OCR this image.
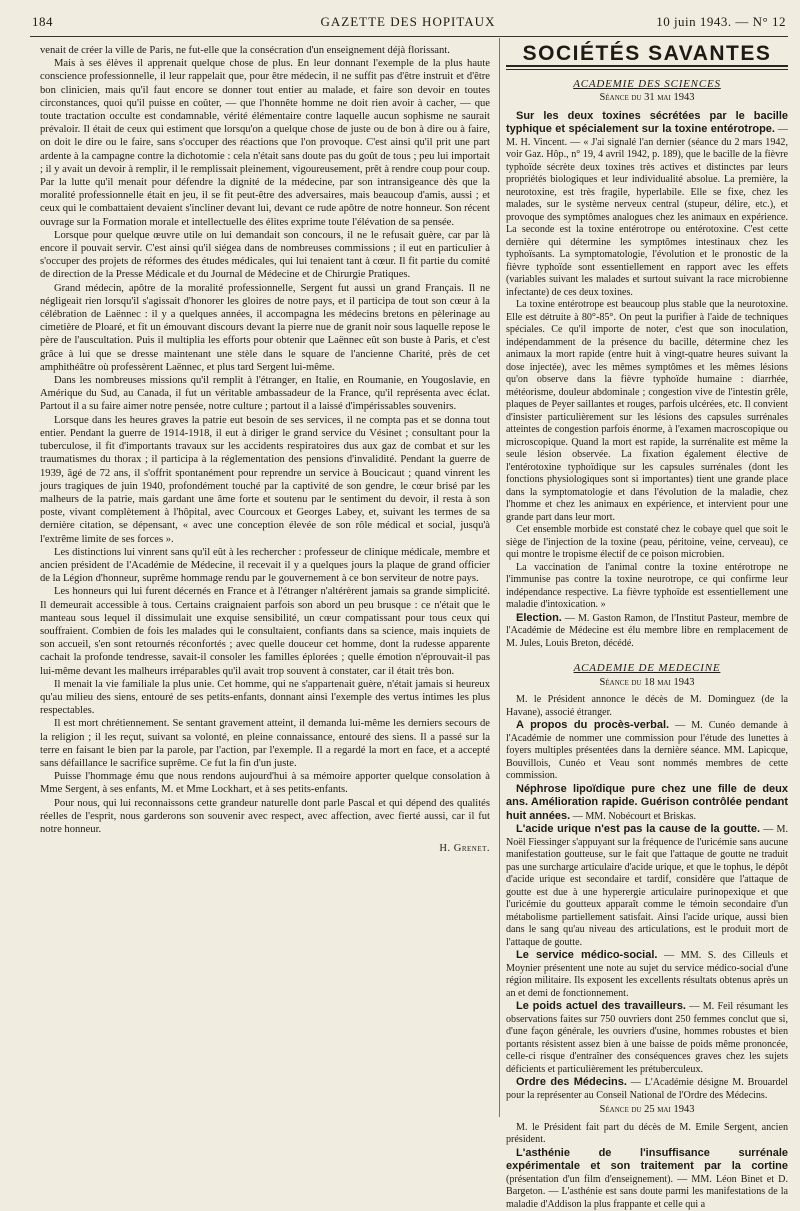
184	GAZETTE DES HOPITAUX	10 juin 1943. — N° 12

venait de créer la ville de Paris, ne fut-elle que la consécration d'un enseignement déjà florissant.

Mais à ses élèves il apprenait quelque chose de plus. En leur donnant l'exemple de la plus haute conscience professionnelle, il leur rappelait que, pour être médecin, il ne suffit pas d'être instruit et d'être bon clinicien, mais qu'il faut encore se donner tout entier au malade, et faire son devoir en toutes circonstances, quoi qu'il puisse en coûter, — que l'honnête homme ne doit rien avoir à cacher, — que toute tractation occulte est condamnable, vérité élémentaire contre laquelle aucun sophisme ne saurait prévaloir. Il était de ceux qui estiment que lorsqu'on a quelque chose de juste ou de bon à dire ou à faire, on doit le dire ou le faire, sans s'occuper des réactions que l'on provoque. C'est ainsi qu'il prit une part ardente à la campagne contre la dichotomie : cela n'était sans doute pas du goût de tous ; peu lui importait ; il y avait un devoir à remplir, il le remplissait pleinement, vigoureusement, prêt à rendre coup pour coup. Par la lutte qu'il menait pour défendre la dignité de la médecine, par son intransigeance dès que la moralité professionnelle était en jeu, il se fit peut-être des adversaires, mais beaucoup d'amis, aussi ; et ceux qui le combattaient devaient s'incliner devant lui, devant ce rude apôtre de notre honneur. Son récent ouvrage sur la Formation morale et intellectuelle des élites exprime toute l'élévation de sa pensée.

Lorsque pour quelque œuvre utile on lui demandait son concours, il ne le refusait guère, car par là encore il pouvait servir. C'est ainsi qu'il siégea dans de nombreuses commissions ; il eut en particulier à s'occuper des projets de réformes des études médicales, qui lui tenaient tant à cœur. Il fit partie du comité de direction de la Presse Médicale et du Journal de Médecine et de Chirurgie Pratiques.

Grand médecin, apôtre de la moralité professionnelle, Sergent fut aussi un grand Français. Il ne négligeait rien lorsqu'il s'agissait d'honorer les gloires de notre pays, et il participa de tout son cœur à la célébration de Laënnec : il y a quelques années, il accompagna les médecins bretons en pèlerinage au cimetière de Ploaré, et fit un émouvant discours devant la pierre nue de granit noir sous laquelle repose le père de l'auscultation. Puis il multiplia les efforts pour obtenir que Laënnec eût son buste à Paris, et c'est grâce à lui que se dresse maintenant une stèle dans le square de l'ancienne Charité, près de cet amphithéâtre où professèrent Laënnec, et plus tard Sergent lui-même.

Dans les nombreuses missions qu'il remplit à l'étranger, en Italie, en Roumanie, en Yougoslavie, en Amérique du Sud, au Canada, il fut un véritable ambassadeur de la France, qu'il représenta avec éclat. Partout il a su faire aimer notre pensée, notre culture ; partout il a laissé d'impérissables souvenirs.

Lorsque dans les heures graves la patrie eut besoin de ses services, il ne compta pas et se donna tout entier. Pendant la guerre de 1914-1918, il eut à diriger le grand service du Vésinet ; consultant pour la tuberculose, il fit d'importants travaux sur les accidents respiratoires dus aux gaz de combat et sur les traumatismes du thorax ; il participa à la réglementation des pensions d'invalidité. Pendant la guerre de 1939, âgé de 72 ans, il s'offrit spontanément pour reprendre un service à Boucicaut ; quand vinrent les jours tragiques de juin 1940, profondément touché par la captivité de son gendre, le cœur brisé par les malheurs de la patrie, mais gardant une âme forte et soutenu par le sentiment du devoir, il resta à son poste, vivant complètement à l'hôpital, avec Courcoux et Georges Labey, et, suivant les termes de sa dernière citation, se dépensant, « avec une conception élevée de son rôle médical et social, jusqu'à l'extrême limite de ses forces ».

Les distinctions lui vinrent sans qu'il eût à les rechercher : professeur de clinique médicale, membre et ancien président de l'Académie de Médecine, il recevait il y a quelques jours la plaque de grand officier de la Légion d'honneur, suprême hommage rendu par le gouvernement à ce bon serviteur de notre pays.

Les honneurs qui lui furent décernés en France et à l'étranger n'altérèrent jamais sa grande simplicité. Il demeurait accessible à tous. Certains craignaient parfois son abord un peu brusque : ce n'était que le manteau sous lequel il dissimulait une exquise sensibilité, un cœur compatissant pour tous ceux qui souffraient. Combien de fois les malades qui le consultaient, confiants dans sa science, mais inquiets de son accueil, s'en sont retournés réconfortés ; avec quelle douceur cet homme, dont la rudesse apparente cachait la profonde tendresse, savait-il consoler les familles éplorées ; quelle émotion n'éprouvait-il pas lui-même devant les malheurs irréparables qu'il avait trop souvent à constater, car il était très bon.

Il menait la vie familiale la plus unie. Cet homme, qui ne s'appartenait guère, n'était jamais si heureux qu'au milieu des siens, entouré de ses petits-enfants, donnant ainsi l'exemple des vertus intimes les plus respectables.

Il est mort chrétiennement. Se sentant gravement atteint, il demanda lui-même les derniers secours de la religion ; il les reçut, suivant sa volonté, en pleine connaissance, entouré des siens. Il a passé sur la terre en faisant le bien par la parole, par l'action, par l'exemple. Il a regardé la mort en face, et a accepté sans défaillance le sacrifice suprême. Ce fut la fin d'un juste.

Puisse l'hommage ému que nous rendons aujourd'hui à sa mémoire apporter quelque consolation à Mme Sergent, à ses enfants, M. et Mme Lockhart, et à ses petits-enfants.

Pour nous, qui lui reconnaissons cette grandeur naturelle dont parle Pascal et qui dépend des qualités réelles de l'esprit, nous garderons son souvenir avec respect, avec affection, avec fierté aussi, car il fut notre honneur.

H. Grenet.
SOCIÉTÉS SAVANTES
ACADEMIE DES SCIENCES
Séance du 31 mai 1943

Sur les deux toxines sécrétées par le bacille typhique et spécialement sur la toxine entérotrope. — M. H. Vincent. — « J'ai signalé l'an dernier (séance du 2 mars 1942, voir Gaz. Hôp., n° 19, 4 avril 1942, p. 189), que le bacille de la fièvre typhoïde sécrète deux toxines très actives et distinctes par leurs propriétés biologiques et leur individualité absolue. La première, la neurotoxine, est très fragile, hyperlabile. Elle se fixe, chez les malades, sur le système nerveux central (stupeur, délire, etc.), et provoque des symptômes analogues chez les animaux en expérience. La seconde est la toxine entérotrope ou entérotoxine. C'est cette dernière qui détermine les symptômes intestinaux chez les typhoïsants. La symptomatologie, l'évolution et le pronostic de la fièvre typhoïde sont essentiellement en rapport avec les effets (variables suivant les malades et surtout suivant la race microbienne infectante) de ces deux toxines.

La toxine entérotrope est beaucoup plus stable que la neurotoxine. Elle est détruite à 80°-85°. On peut la purifier à l'aide de techniques spéciales. Ce qu'il importe de noter, c'est que son inoculation, indépendamment de la présence du bacille, détermine chez les animaux la mort rapide (entre huit à vingt-quatre heures suivant la dose injectée), avec les mêmes symptômes et les mêmes lésions qu'on observe dans la fièvre typhoïde humaine : diarrhée, météorisme, douleur abdominale ; congestion vive de l'intestin grêle, plaques de Peyer saillantes et rouges, parfois ulcérées, etc. Il convient d'insister particulièrement sur les lésions des capsules surrénales atteintes de congestion parfois énorme, à l'examen macroscopique ou microscopique. Quand la mort est rapide, la surrénalite est même la seule lésion observée. La fixation également élective de l'entérotoxine typhoïdique sur les capsules surrénales (dont les fonctions physiologiques sont si importantes) tient une grande place dans la symptomatologie et dans l'évolution de la maladie, chez l'homme et chez les animaux en expérience, et intervient pour une grande part dans leur mort.

Cet ensemble morbide est constaté chez le cobaye quel que soit le siège de l'injection de la toxine (peau, péritoine, veine, cerveau), ce qui montre le tropisme électif de ce poison microbien.

La vaccination de l'animal contre la toxine entérotrope ne l'immunise pas contre la toxine neurotrope, ce qui confirme leur indépendance respective. La fièvre typhoïde est essentiellement une maladie d'intoxication. »

Election. — M. Gaston Ramon, de l'Institut Pasteur, membre de l'Académie de Médecine est élu membre libre en remplacement de M. Jules, Louis Breton, décédé.

ACADEMIE DE MEDECINE
Séance du 18 mai 1943

M. le Président annonce le décès de M. Dominguez (de la Havane), associé étranger.

A propos du procès-verbal. — M. Cunéo demande à l'Académie de nommer une commission pour l'étude des lunettes à foyers multiples présentées dans la dernière séance. MM. Lapicque, Bouvillois, Cunéo et Veau sont nommés membres de cette commission.

Néphrose lipoïdique pure chez une fille de deux ans. Amélioration rapide. Guérison contrôlée pendant huit années. — MM. Nobécourt et Briskas.

L'acide urique n'est pas la cause de la goutte. — M. Noël Fiessinger s'appuyant sur la fréquence de l'uricémie sans aucune manifestation goutteuse, sur le fait que l'attaque de goutte ne traduit pas une surcharge articulaire d'acide urique, et que le tophus, le dépôt d'acide urique est secondaire et tardif, considère que l'attaque de goutte est due à une hyperergie articulaire purinopexique et que l'uricémie du goutteux apparaît comme le témoin secondaire d'un métabolisme partiellement satisfait. Ainsi l'acide urique, aussi bien dans le sang qu'au niveau des articulations, est le produit mort de l'attaque de goutte.

Le service médico-social. — MM. S. des Cilleuls et Moynier présentent une note au sujet du service médico-social d'une région militaire. Ils exposent les excellents résultats obtenus après un an et demi de fonctionnement.

Le poids actuel des travailleurs. — M. Feil résumant les observations faites sur 750 ouvriers dont 250 femmes conclut que si, d'une façon générale, les ouvriers d'usine, hommes robustes et bien portants résistent assez bien à une baisse de poids même prononcée, celle-ci risque d'entraîner des conséquences graves chez les sujets déficients et particulièrement les prétuberculeux.

Ordre des Médecins. — L'Académie désigne M. Brouardel pour la représenter au Conseil National de l'Ordre des Médecins.

Séance du 25 mai 1943

M. le Président fait part du décès de M. Emile Sergent, ancien président.

L'asthénie de l'insuffisance surrénale expérimentale et son traitement par la cortine (présentation d'un film d'enseignement). — MM. Léon Binet et D. Bargeton. — L'asthénie est sans doute parmi les manifestations de la maladie d'Addison la plus frappante et celle qui a
